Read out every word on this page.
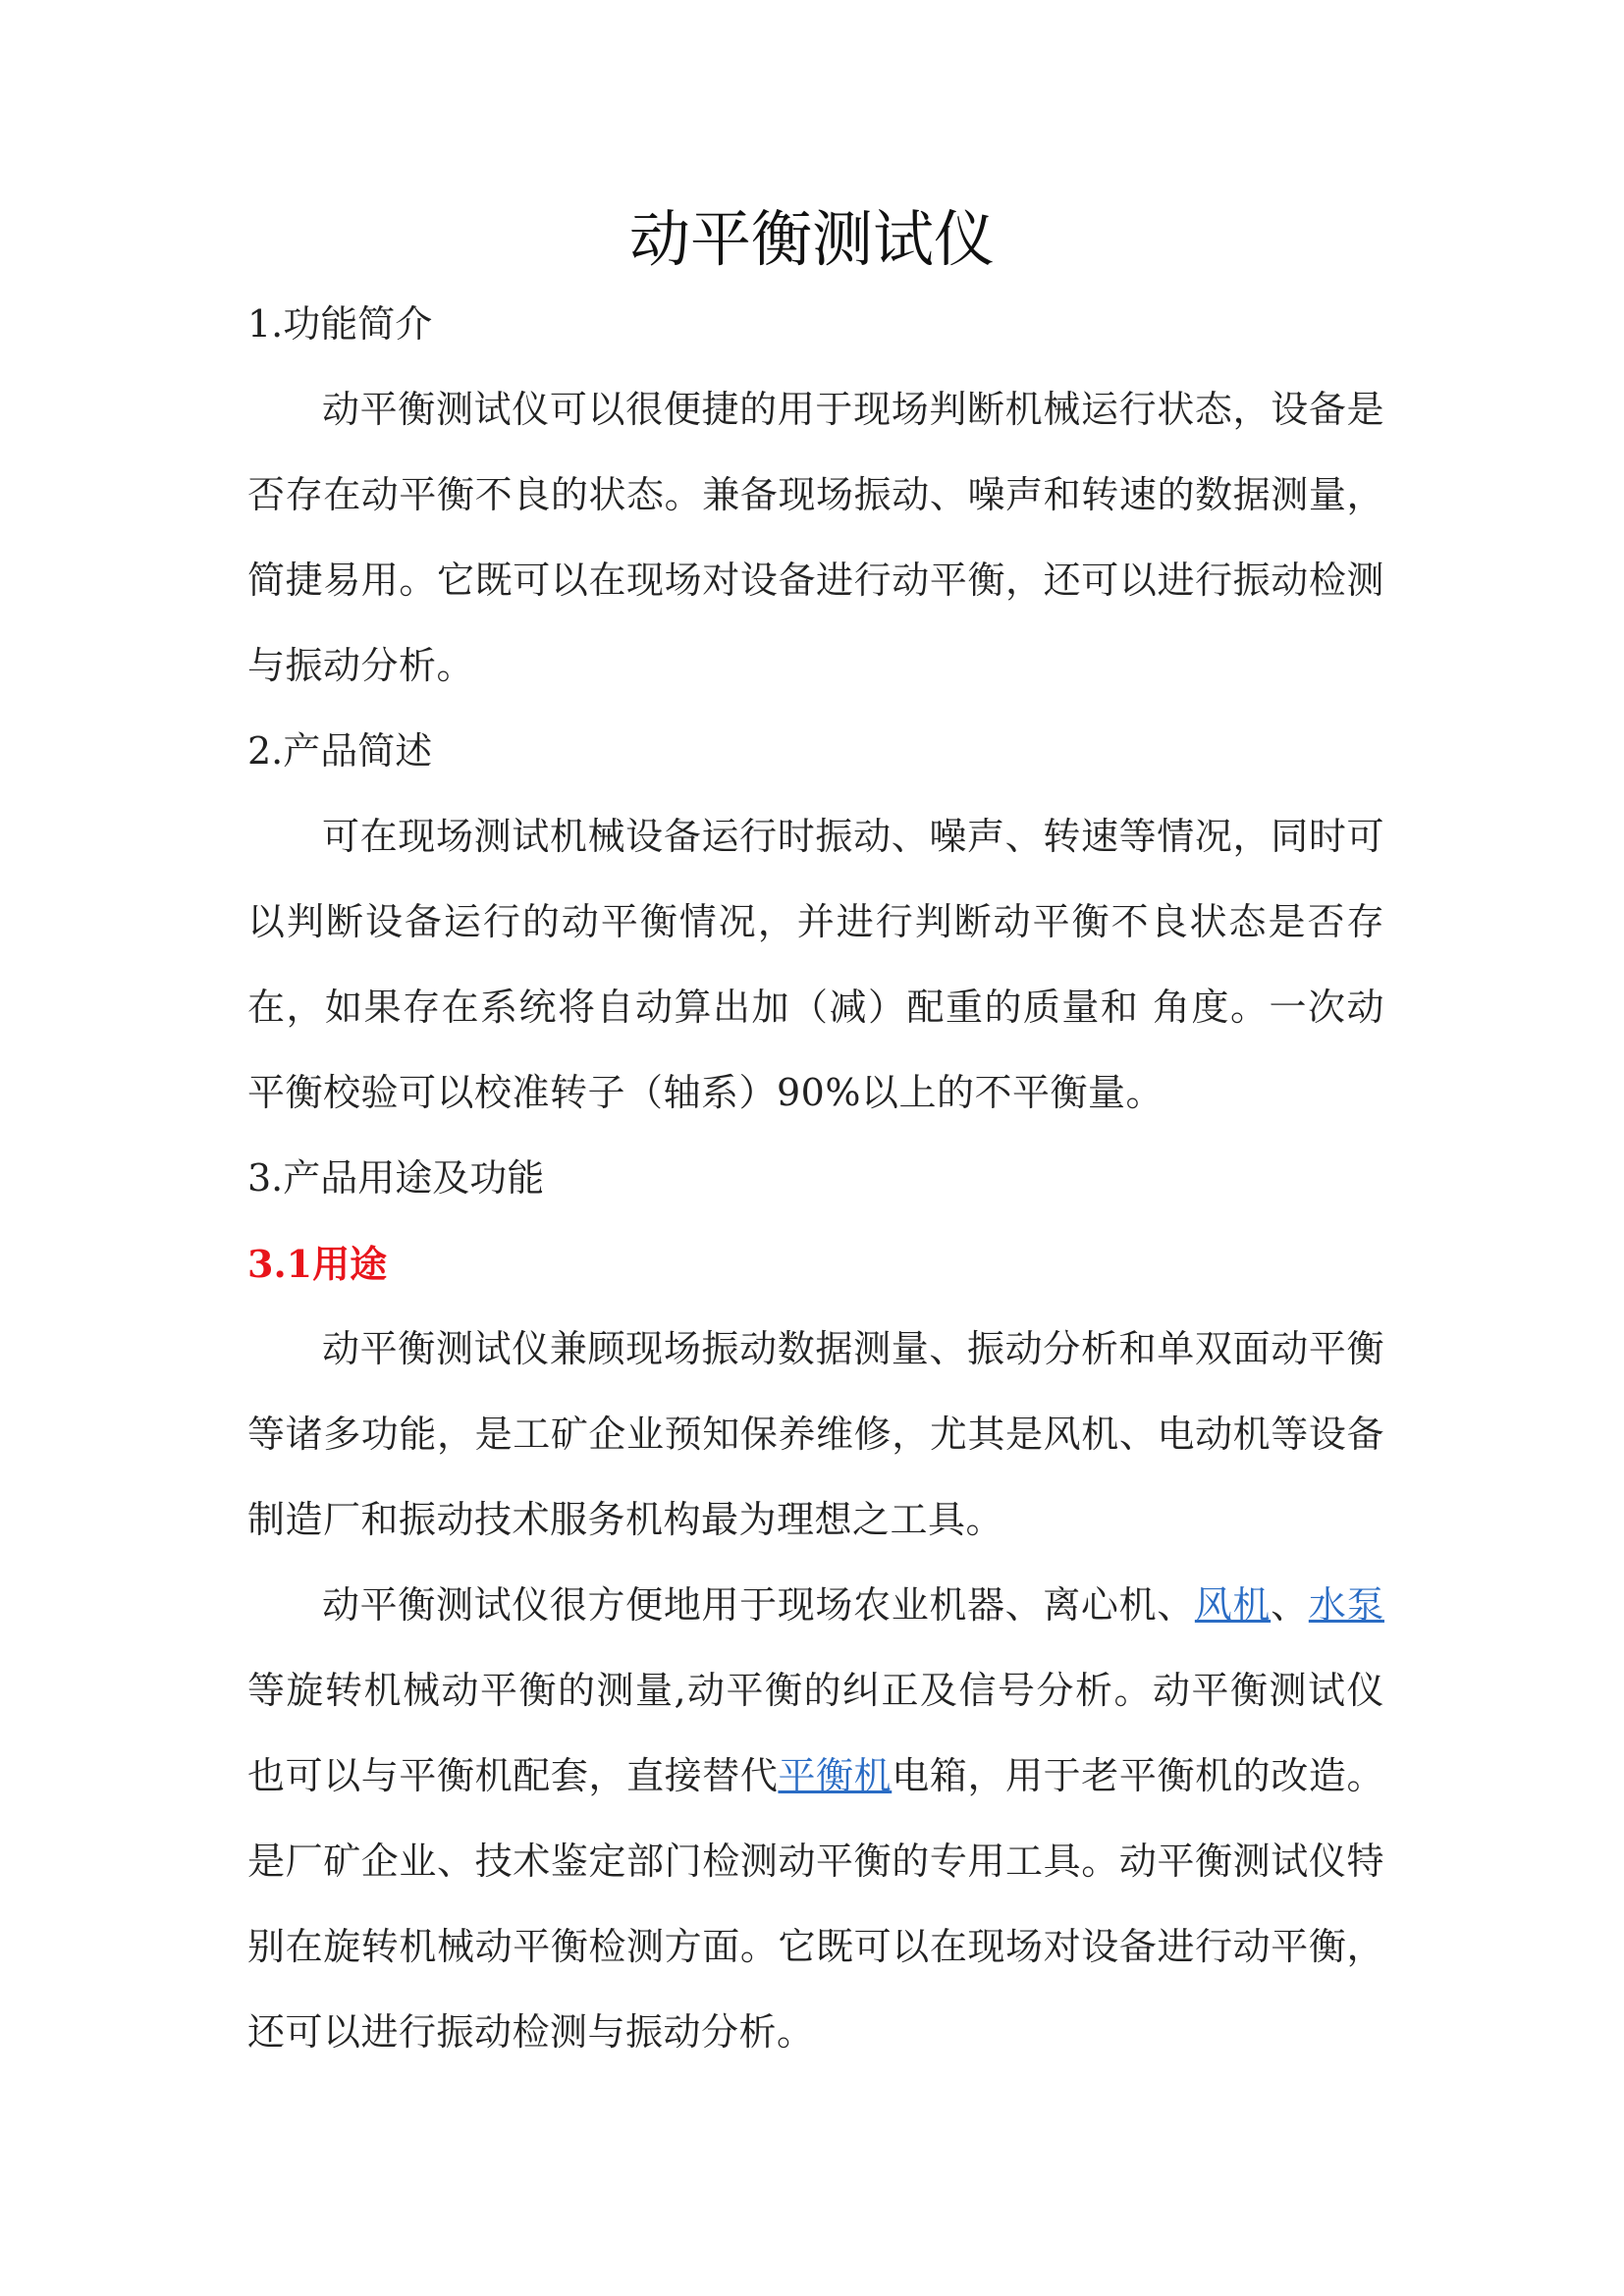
动平衡测试仪
1.功能简介

动平衡测试仪可以很便捷的用于现场判断机械运行状态，设备是否存在动平衡不良的状态。兼备现场振动、噪声和转速的数据测量，简捷易用。它既可以在现场对设备进行动平衡，还可以进行振动检测与振动分析。

2.产品简述

可在现场测试机械设备运行时振动、噪声、转速等情况，同时可以判断设备运行的动平衡情况，并进行判断动平衡不良状态是否存在，如果存在系统将自动算出加（减）配重的质量和 角度。一次动平衡校验可以校准转子（轴系）90%以上的不平衡量。

3.产品用途及功能
3.1用途

动平衡测试仪兼顾现场振动数据测量、振动分析和单双面动平衡等诸多功能，是工矿企业预知保养维修，尤其是风机、电动机等设备制造厂和振动技术服务机构最为理想之工具。

动平衡测试仪很方便地用于现场农业机器、离心机、风机、水泵等旋转机械动平衡的测量,动平衡的纠正及信号分析。动平衡测试仪也可以与平衡机配套，直接替代平衡机电箱，用于老平衡机的改造。是厂矿企业、技术鉴定部门检测动平衡的专用工具。动平衡测试仪特别在旋转机械动平衡检测方面。它既可以在现场对设备进行动平衡，还可以进行振动检测与振动分析。
